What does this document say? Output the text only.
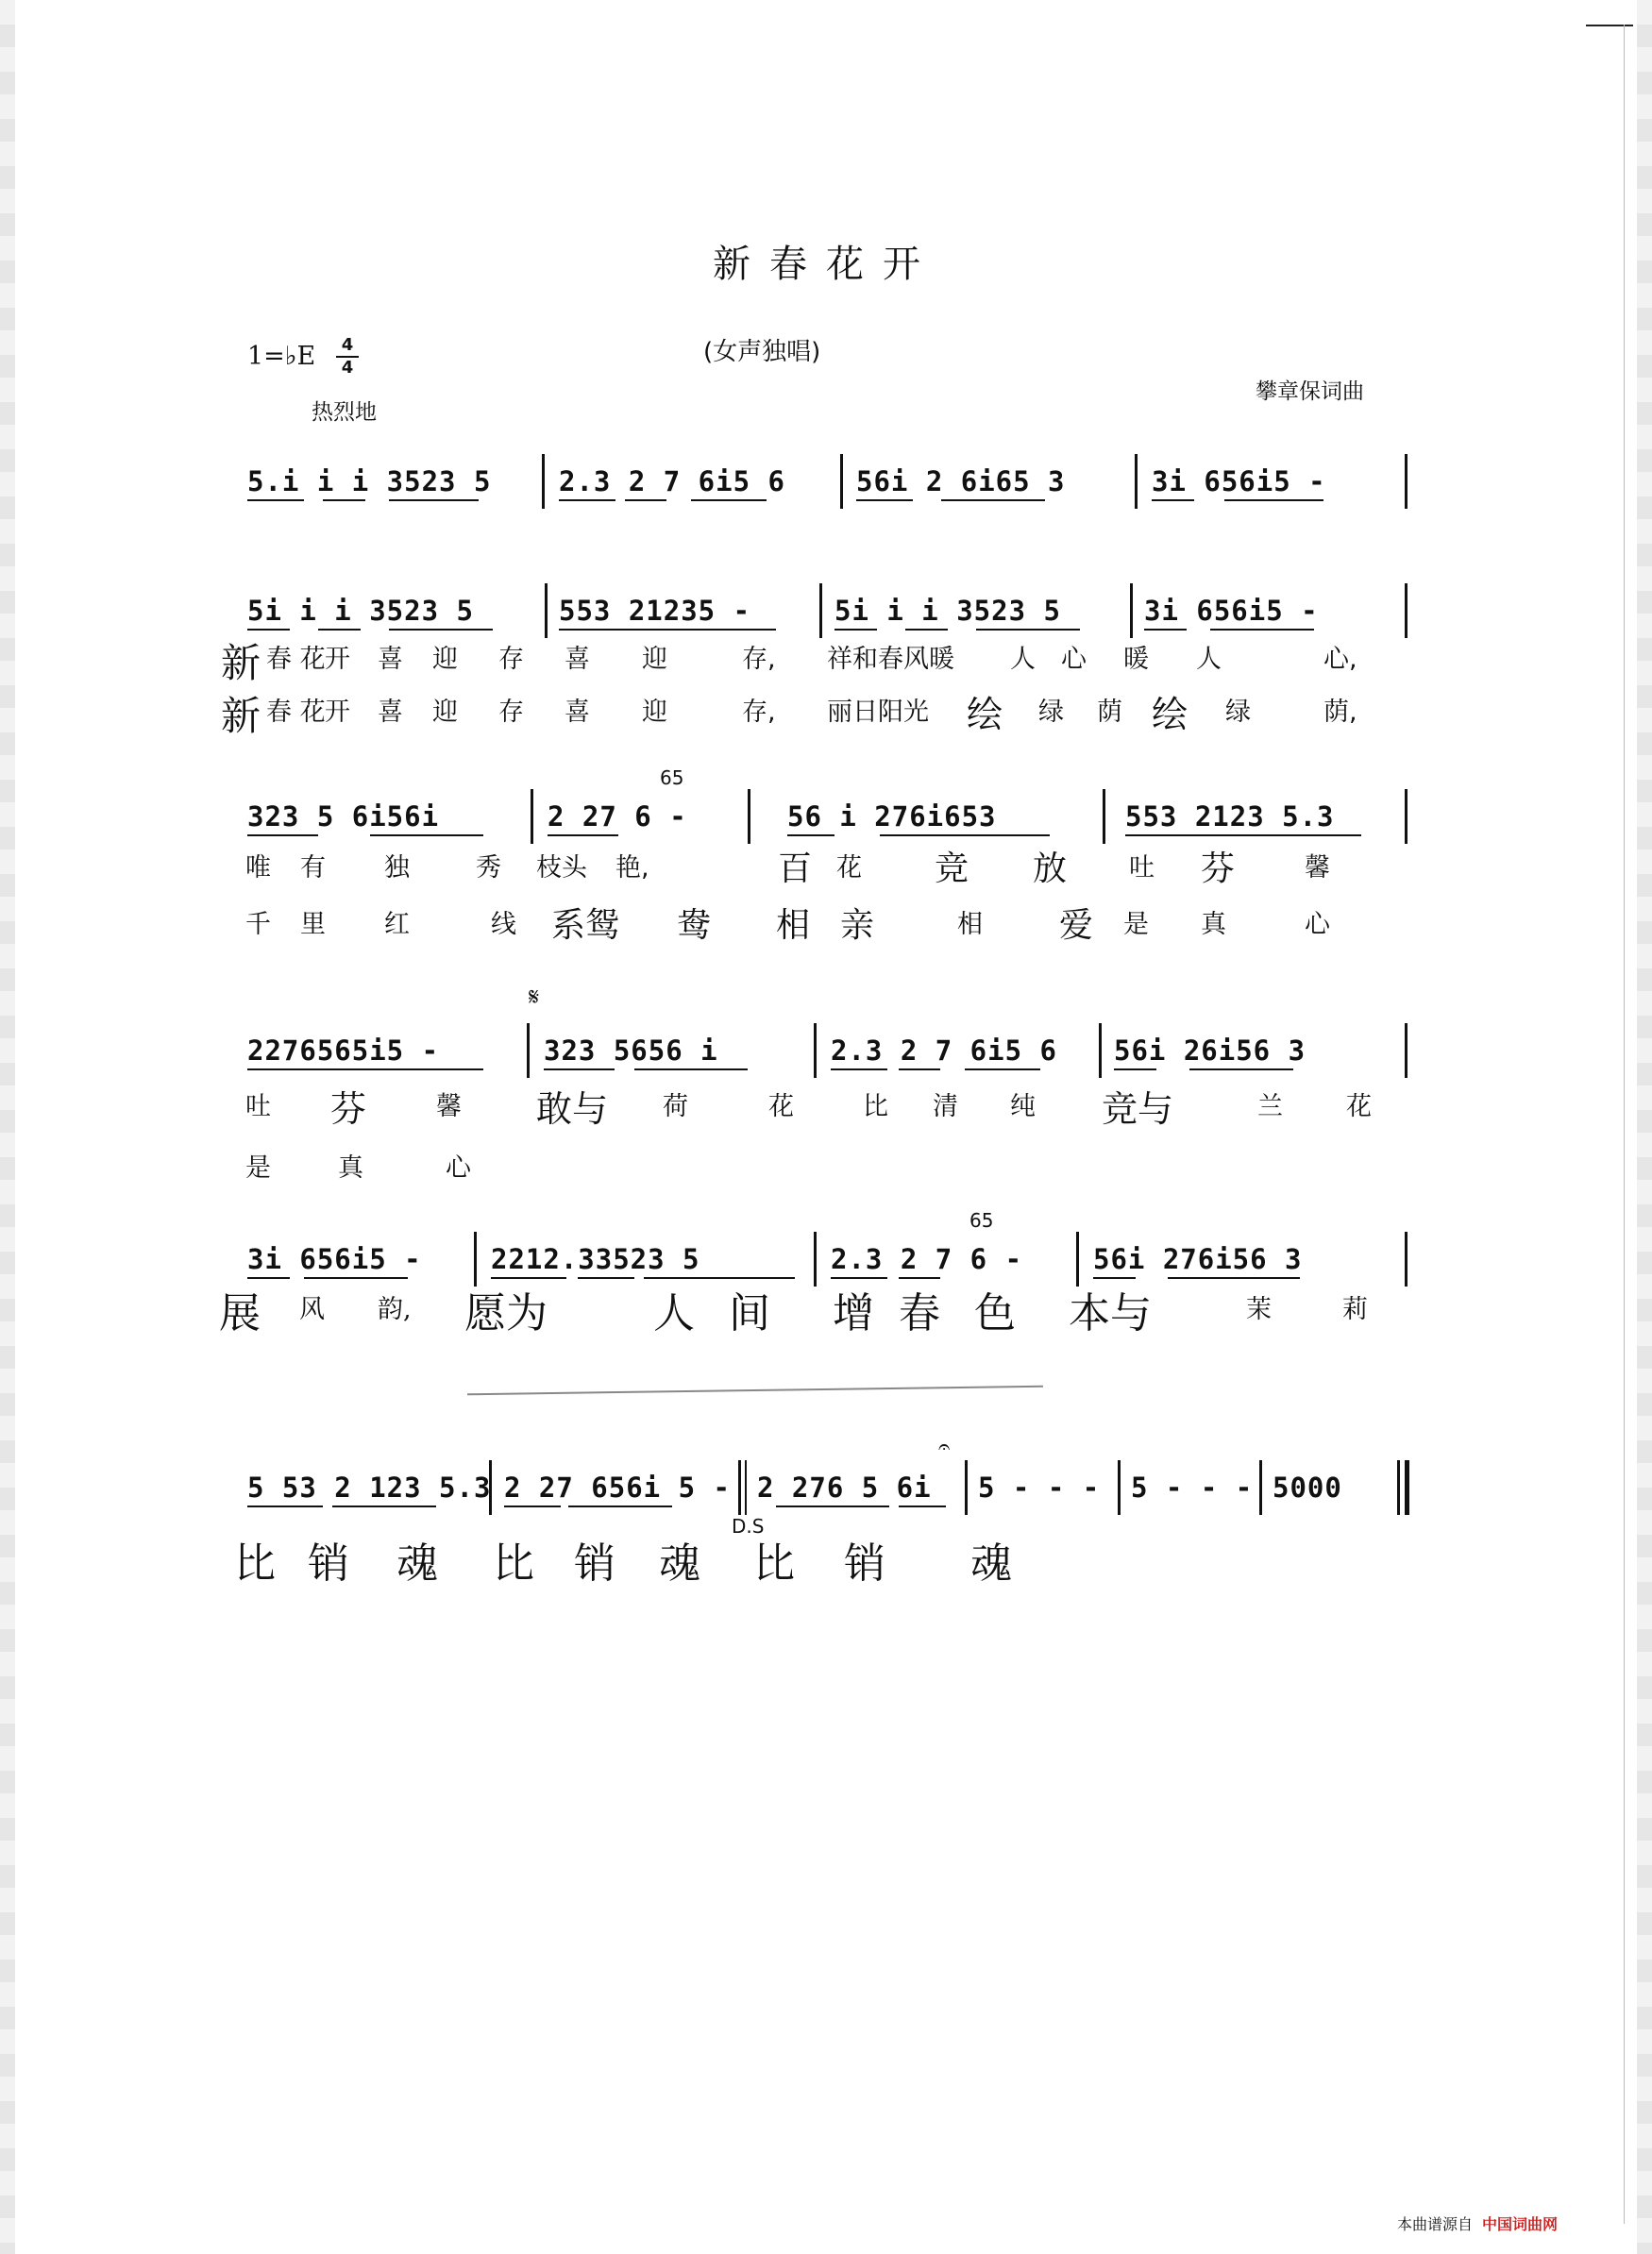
新春花开
1=♭E	4
4
(女声独唱)
热烈地
攀章保词曲
5.i i i 3523 5 2.3 2 7 6i5 6	56i 2 6i65 3	3i 656i5 -
5i i i 3523 5	553 21235 -	5i i i 3523 5	3i 656i5 -
新 春 花 开 喜 迎 存 喜 迎	存, 祥和春风暖 人 心 暖 人	心,
新 春 花 开 喜 迎 存 喜 迎	存, 丽日阳光 绘 绿 荫 绘 绿	荫,
323 5 6i56i	2 27 6 -	56 i 276i653	553 2123 5.3
65
唯 有 独	秀 枝头 艳,	百 花 竞 放 吐 芬	馨
千 里 红	线 系鸳 鸯 相 亲	相 爱 是 真	心
2276565i5 -	323 5656 i	2.3 2 7 6i5 6 56i 26i56 3
𝄋
吐 芬	馨 敢与 荷	花	比 清 纯 竞与	兰 花
是	真	心
3i 656i5 -	2212.33523 5	2.3 2 7 6 -	56i 276i56 3
65
展 风 韵, 愿为	人 间 增 春 色 本与	茉	莉
5 53 2 123 5.3 2 27 656i 5 - 2 276 5 6i 5 - - - 5 - - - 5000
𝄐
D.S
比 销 魂 比 销 魂 比 销 魂
本曲谱源自 中国词曲网
